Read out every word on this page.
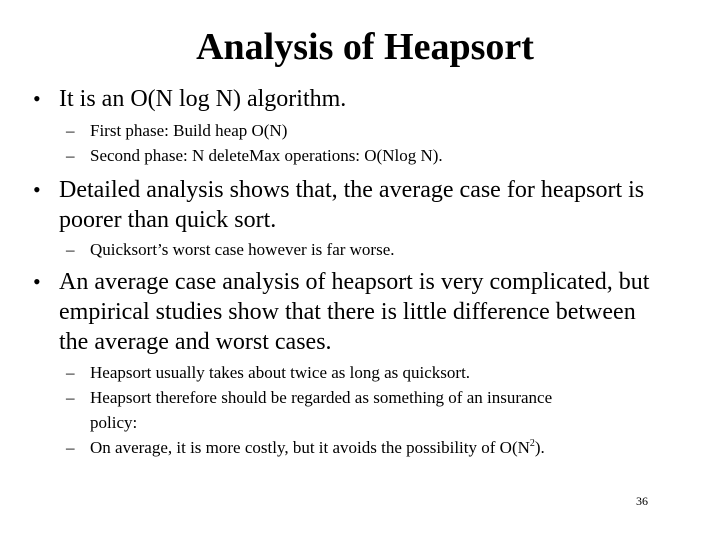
Analysis of Heapsort
• It is an O(N log N) algorithm.
– First phase: Build heap O(N)
– Second phase: N deleteMax operations: O(Nlog N).
• Detailed analysis shows that, the average case for heapsort is
poorer than quick sort.
– Quicksort’s worst case however is far worse.
• An average case analysis of heapsort is very complicated, but
empirical studies show that there is little difference between
the average and worst cases.
– Heapsort usually takes about twice as long as quicksort.
– Heapsort therefore should be regarded as something of an insurance
policy:
– On average, it is more costly, but it avoids the possibility of $O(N^2)$.
36
